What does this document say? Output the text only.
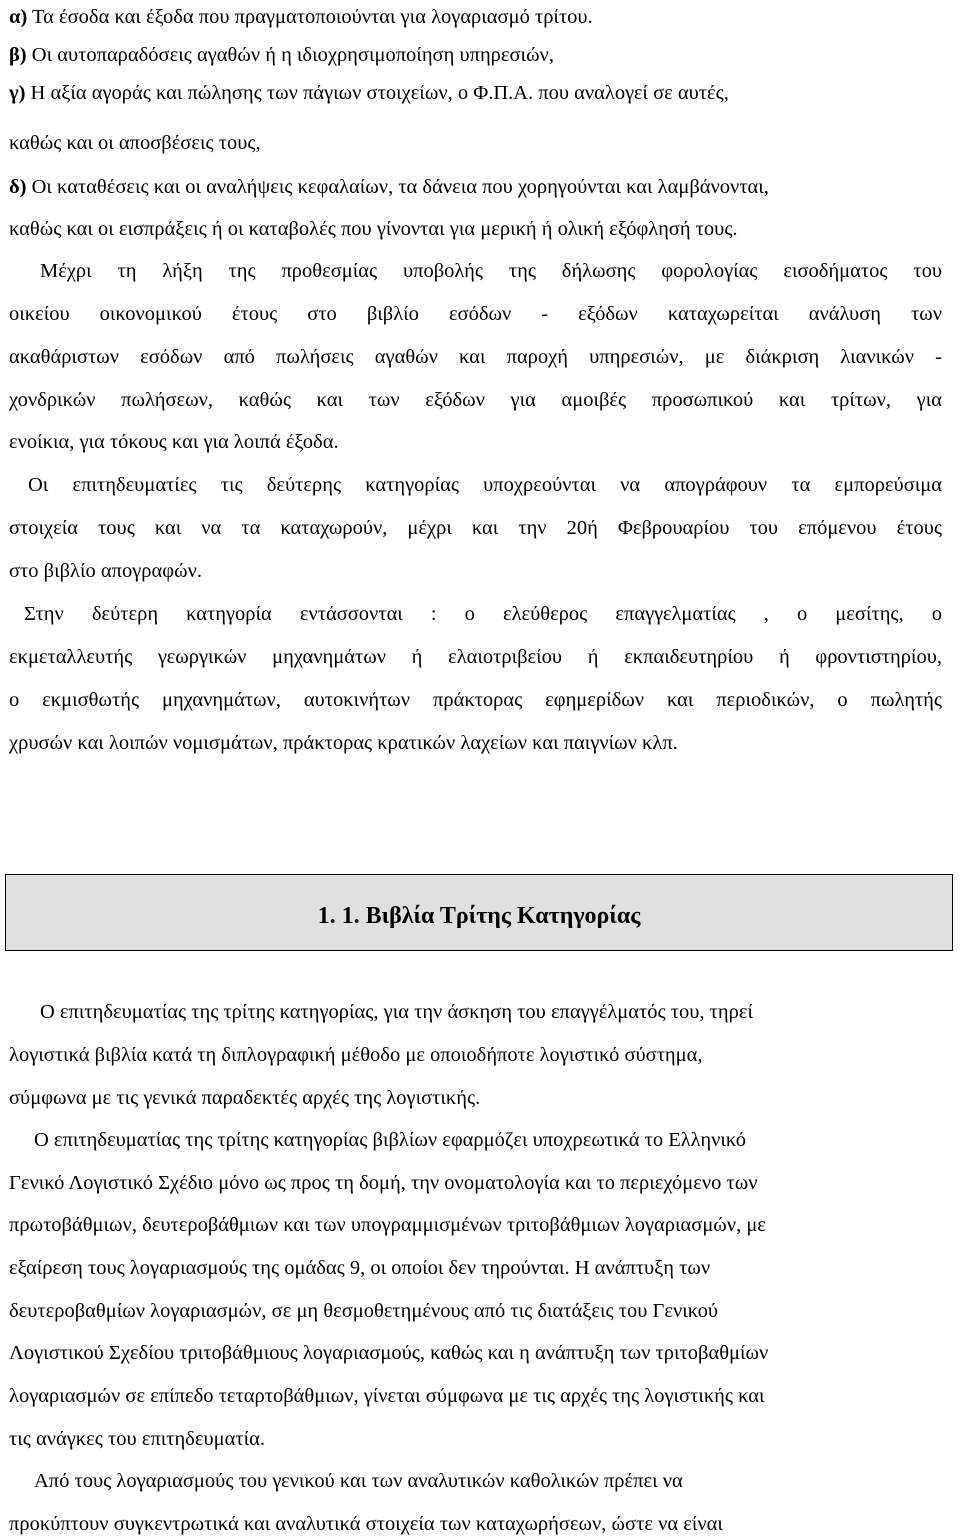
α) Τα έσοδα και έξοδα που πραγματοποιούνται για λογαριασμό τρίτου.
β) Οι αυτοπαραδόσεις αγαθών ή η ιδιοχρησιμοποίηση υπηρεσιών,
γ) Η αξία αγοράς και πώλησης των πάγιων στοιχείων, ο Φ.Π.Α. που αναλογεί σε αυτές,
καθώς και οι αποσβέσεις τους,
δ) Οι καταθέσεις και οι αναλήψεις κεφαλαίων, τα δάνεια που χορηγούνται και λαμβάνονται,
καθώς και οι εισπράξεις ή οι καταβολές που γίνονται για μερική ή ολική εξόφλησή τους.
Μέχρι τη λήξη της προθεσμίας υποβολής της δήλωσης φορολογίας εισοδήματος του
οικείου οικονομικού έτους στο βιβλίο εσόδων - εξόδων καταχωρείται ανάλυση των
ακαθάριστων εσόδων από πωλήσεις αγαθών και παροχή υπηρεσιών, με διάκριση λιανικών -
χονδρικών πωλήσεων, καθώς και των εξόδων για αμοιβές προσωπικού και τρίτων, για
ενοίκια, για τόκους και για λοιπά έξοδα.
Οι επιτηδευματίες τις δεύτερης κατηγορίας υποχρεούνται να απογράφουν τα εμπορεύσιμα
στοιχεία τους και να τα καταχωρούν, μέχρι και την 20ή Φεβρουαρίου του επόμενου έτους
στο βιβλίο απογραφών.
Στην δεύτερη κατηγορία εντάσσονται : ο ελεύθερος επαγγελματίας , ο μεσίτης, ο
εκμεταλλευτής γεωργικών μηχανημάτων ή ελαιοτριβείου ή εκπαιδευτηρίου ή φροντιστηρίου,
ο εκμισθωτής μηχανημάτων, αυτοκινήτων πράκτορας εφημερίδων και περιοδικών, ο πωλητής
χρυσών και λοιπών νομισμάτων, πράκτορας κρατικών λαχείων και παιγνίων κλπ.
1. 1. Βιβλία Τρίτης Κατηγορίας
Ο επιτηδευματίας της τρίτης κατηγορίας, για την άσκηση του επαγγέλματός του, τηρεί
λογιστικά βιβλία κατά τη διπλογραφική μέθοδο με οποιοδήποτε λογιστικό σύστημα,
σύμφωνα με τις γενικά παραδεκτές αρχές της λογιστικής.
Ο επιτηδευματίας της τρίτης κατηγορίας βιβλίων εφαρμόζει υποχρεωτικά το Ελληνικό
Γενικό Λογιστικό Σχέδιο μόνο ως προς τη δομή, την ονοματολογία και το περιεχόμενο των
πρωτοβάθμιων, δευτεροβάθμιων και των υπογραμμισμένων τριτοβάθμιων λογαριασμών, με
εξαίρεση τους λογαριασμούς της ομάδας 9, οι οποίοι δεν τηρούνται. Η ανάπτυξη των
δευτεροβαθμίων λογαριασμών, σε μη θεσμοθετημένους από τις διατάξεις του Γενικού
Λογιστικού Σχεδίου τριτοβάθμιους λογαριασμούς, καθώς και η ανάπτυξη των τριτοβαθμίων
λογαριασμών σε επίπεδο τεταρτοβάθμιων, γίνεται σύμφωνα με τις αρχές της λογιστικής και
τις ανάγκες του επιτηδευματία.
Από τους λογαριασμούς του γενικού και των αναλυτικών καθολικών πρέπει να
προκύπτουν συγκεντρωτικά και αναλυτικά στοιχεία των καταχωρήσεων, ώστε να είναι
